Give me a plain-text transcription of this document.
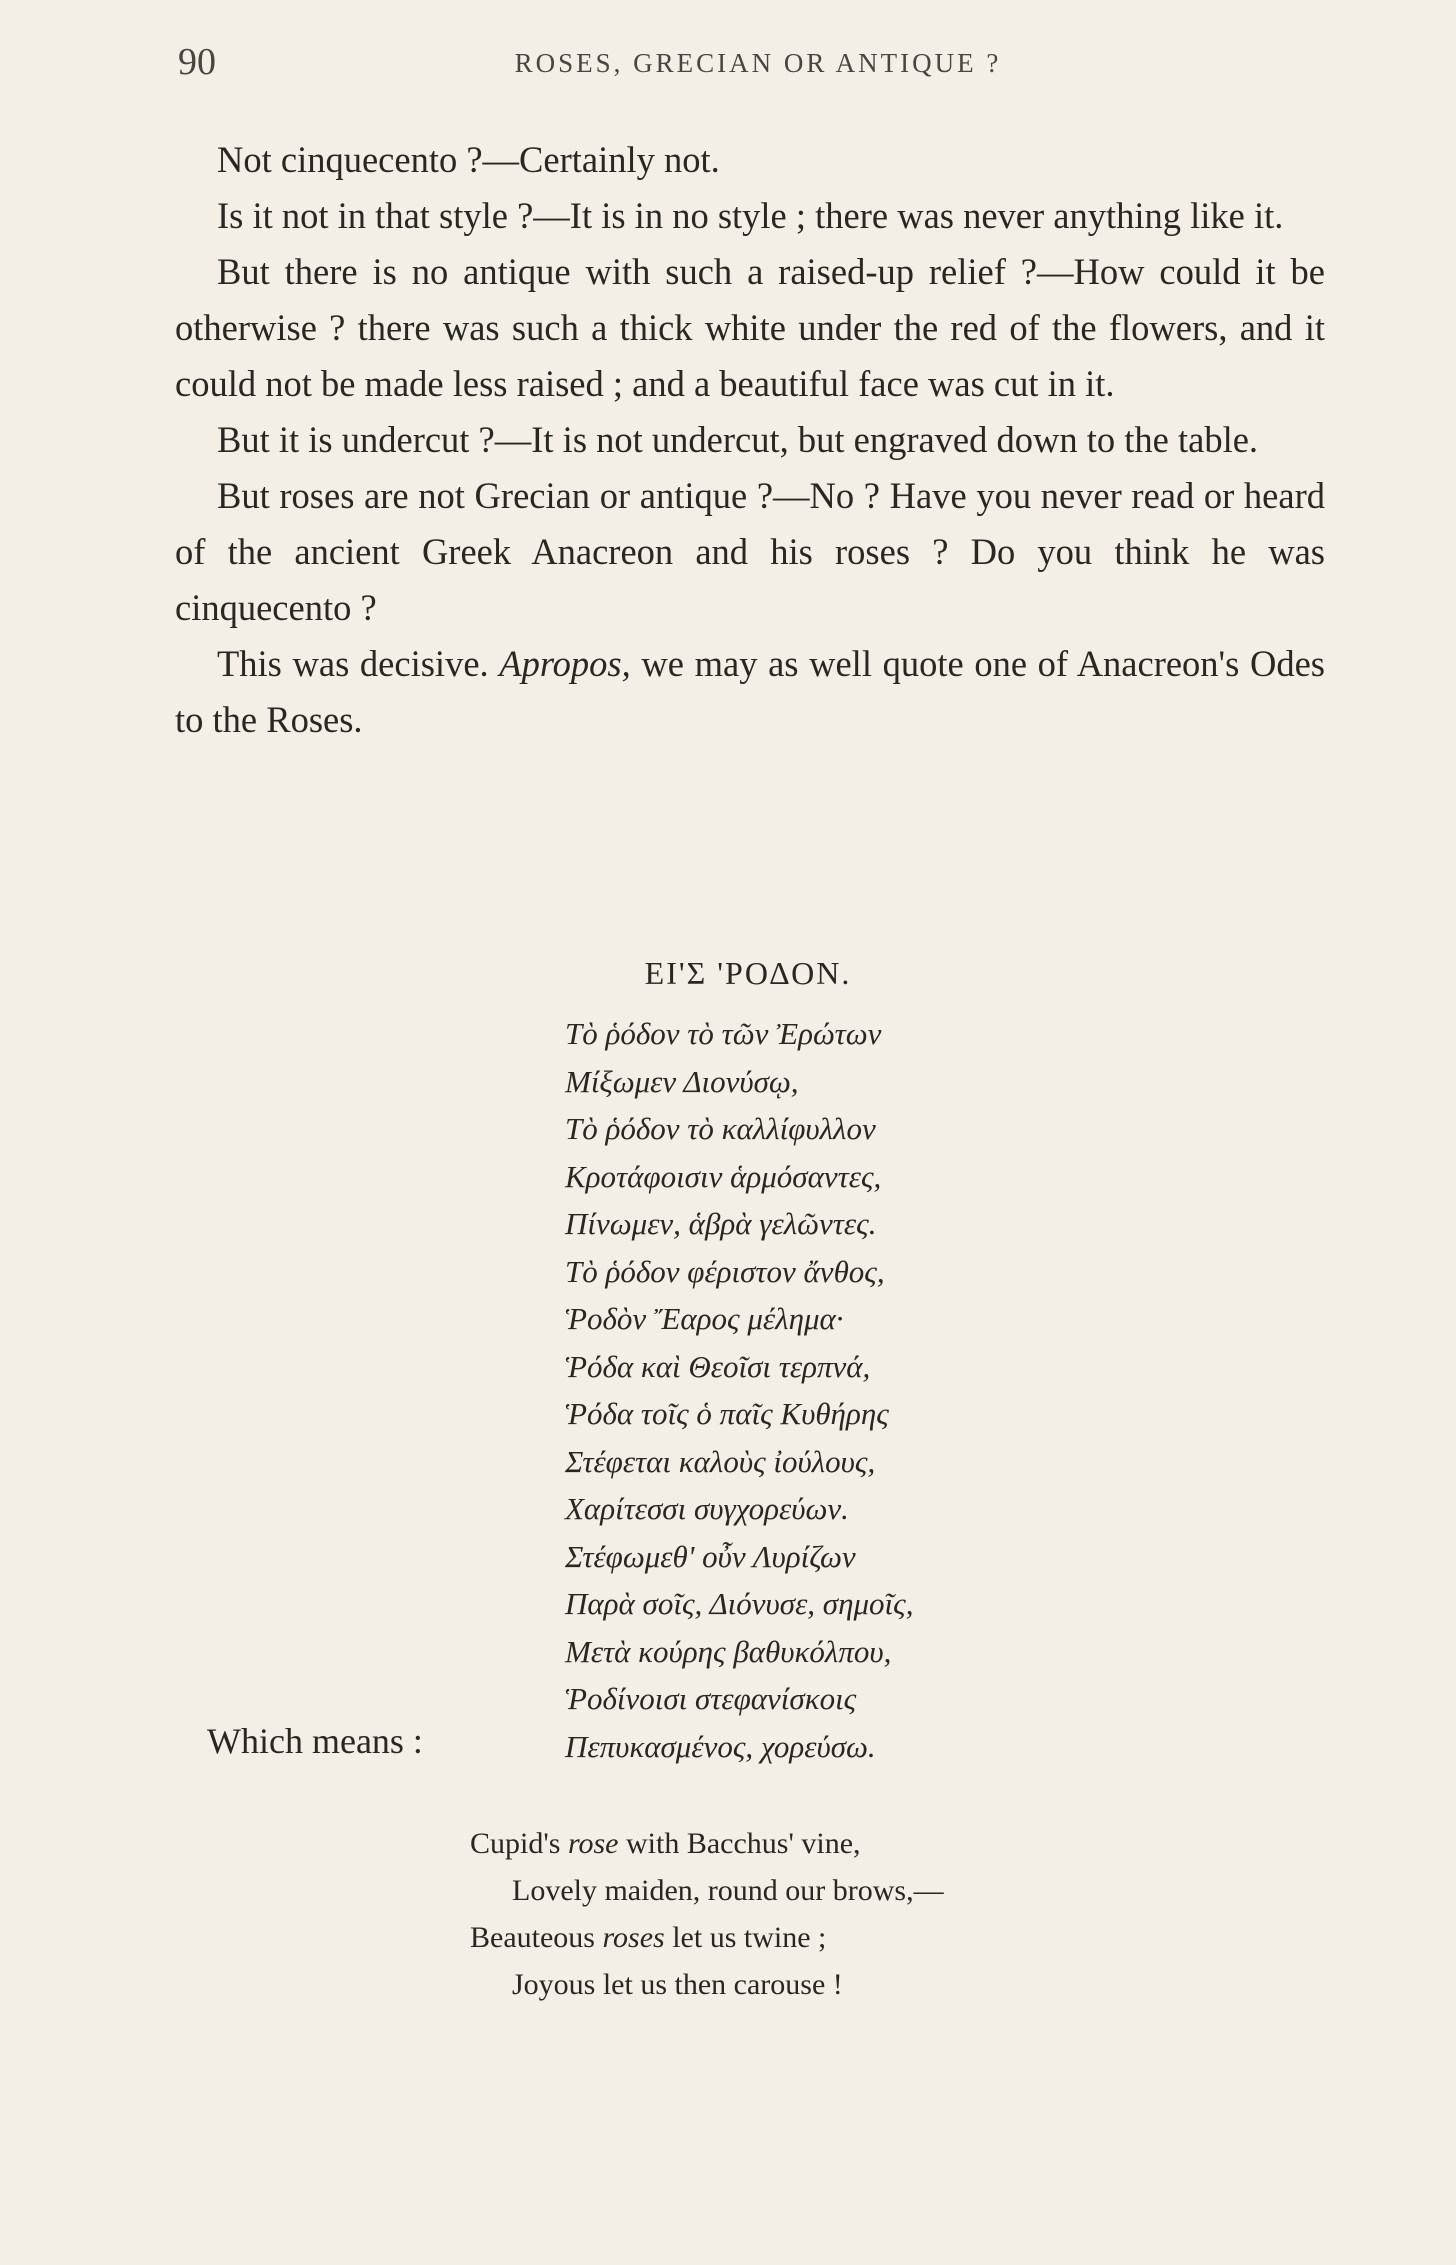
90	ROSES, GRECIAN OR ANTIQUE ?

Not cinquecento ?—Certainly not.

Is it not in that style ?—It is in no style ; there was never anything like it.

But there is no antique with such a raised-up relief ?—How could it be otherwise ? there was such a thick white under the red of the flowers, and it could not be made less raised ; and a beautiful face was cut in it.

But it is undercut ?—It is not undercut, but engraved down to the table.

But roses are not Grecian or antique ?—No ? Have you never read or heard of the ancient Greek Anacreon and his roses ? Do you think he was cinquecento ?

This was decisive. Apropos, we may as well quote one of Anacreon's Odes to the Roses.

ΕΙ'Σ 'ΡΟΔΟΝ.
Τὸ ῥόδον τὸ τῶν Ἐρώτων
Μίξωμεν Διονύσῳ,
Τὸ ῥόδον τὸ καλλίφυλλον
Κροτάφοισιν ἁρμόσαντες,
Πίνωμεν, ἁβρὰ γελῶντες.
Τὸ ῥόδον φέριστον ἄνθος,
Ῥοδὸν Ἔαρος μέλημα·
Ῥόδα καὶ Θεοῖσι τερπνά,
Ῥόδα τοῖς ὁ παῖς Κυθήρης
Στέφεται καλοὺς ἰούλους,
Χαρίτεσσι συγχορεύων.
Στέφωμεθ' οὖν Λυρίζων
Παρὰ σοῖς, Διόνυσε, σημοῖς,
Μετὰ κούρης βαθυκόλπου,
Ῥοδίνοισι στεφανίσκοις
Πεπυκασμένος, χορεύσω.
Which means :
Cupid's rose with Bacchus' vine,
Lovely maiden, round our brows,—
Beauteous roses let us twine ;
Joyous let us then carouse !
